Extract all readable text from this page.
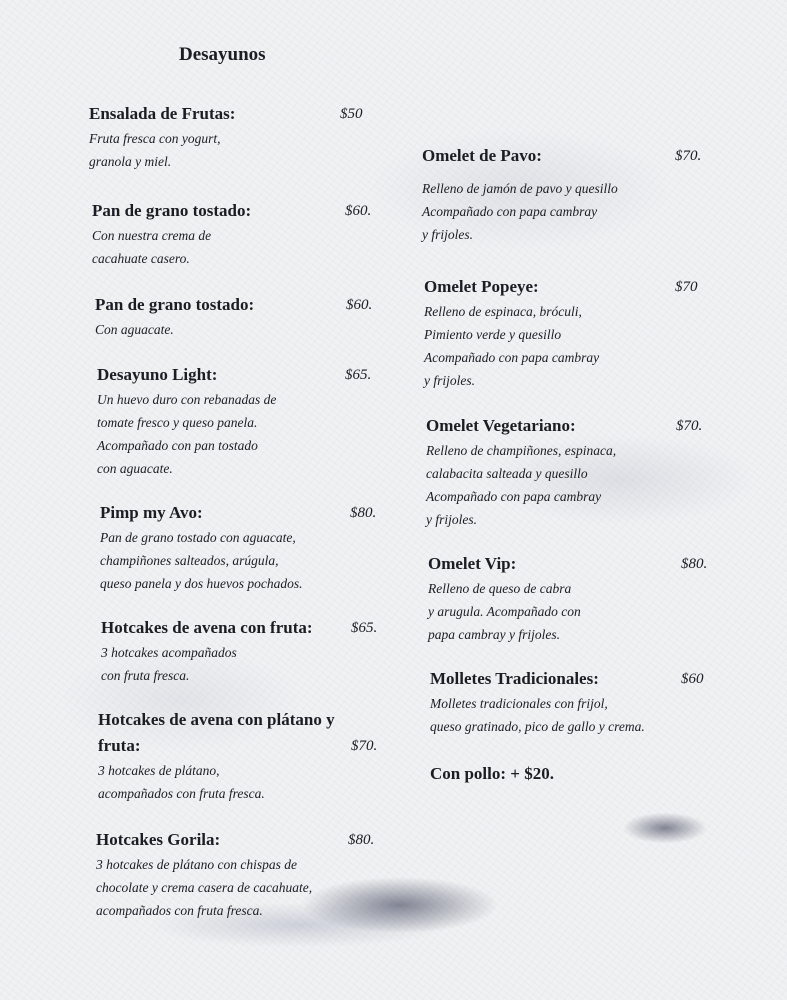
Desayunos
Ensalada de Frutas:	$50
Fruta fresca con yogurt,
granola y miel.
Pan de grano tostado:	$60.
Con nuestra crema de
cacahuate casero.
Pan de grano tostado:	$60.
Con aguacate.
Desayuno Light:	$65.
Un huevo duro con rebanadas de
tomate fresco y queso panela.
Acompañado con pan tostado
con aguacate.
Pimp my Avo:	$80.
Pan de grano tostado con aguacate,
champiñones salteados, arúgula,
queso panela y dos huevos pochados.
Hotcakes de avena con fruta:	$65.
3 hotcakes acompañados
con fruta fresca.
Hotcakes de avena con plátano y
fruta:	$70.
3 hotcakes de plátano,
acompañados con fruta fresca.
Hotcakes Gorila:	$80.
3 hotcakes de plátano con chispas de
chocolate y crema casera de cacahuate,
acompañados con fruta fresca.
Omelet de Pavo:	$70.
Relleno de jamón de pavo y quesillo
Acompañado con papa cambray
y frijoles.
Omelet Popeye:	$70
Relleno de espinaca, bróculi,
Pimiento verde y quesillo
Acompañado con papa cambray
y frijoles.
Omelet Vegetariano:	$70.
Relleno de champiñones, espinaca,
calabacita salteada y quesillo
Acompañado con papa cambray
y frijoles.
Omelet Vip:	$80.
Relleno de queso de cabra
y arugula. Acompañado con
papa cambray y frijoles.
Molletes Tradicionales:	$60
Molletes tradicionales con frijol,
queso gratinado, pico de gallo y crema.
Con pollo: + $20.
